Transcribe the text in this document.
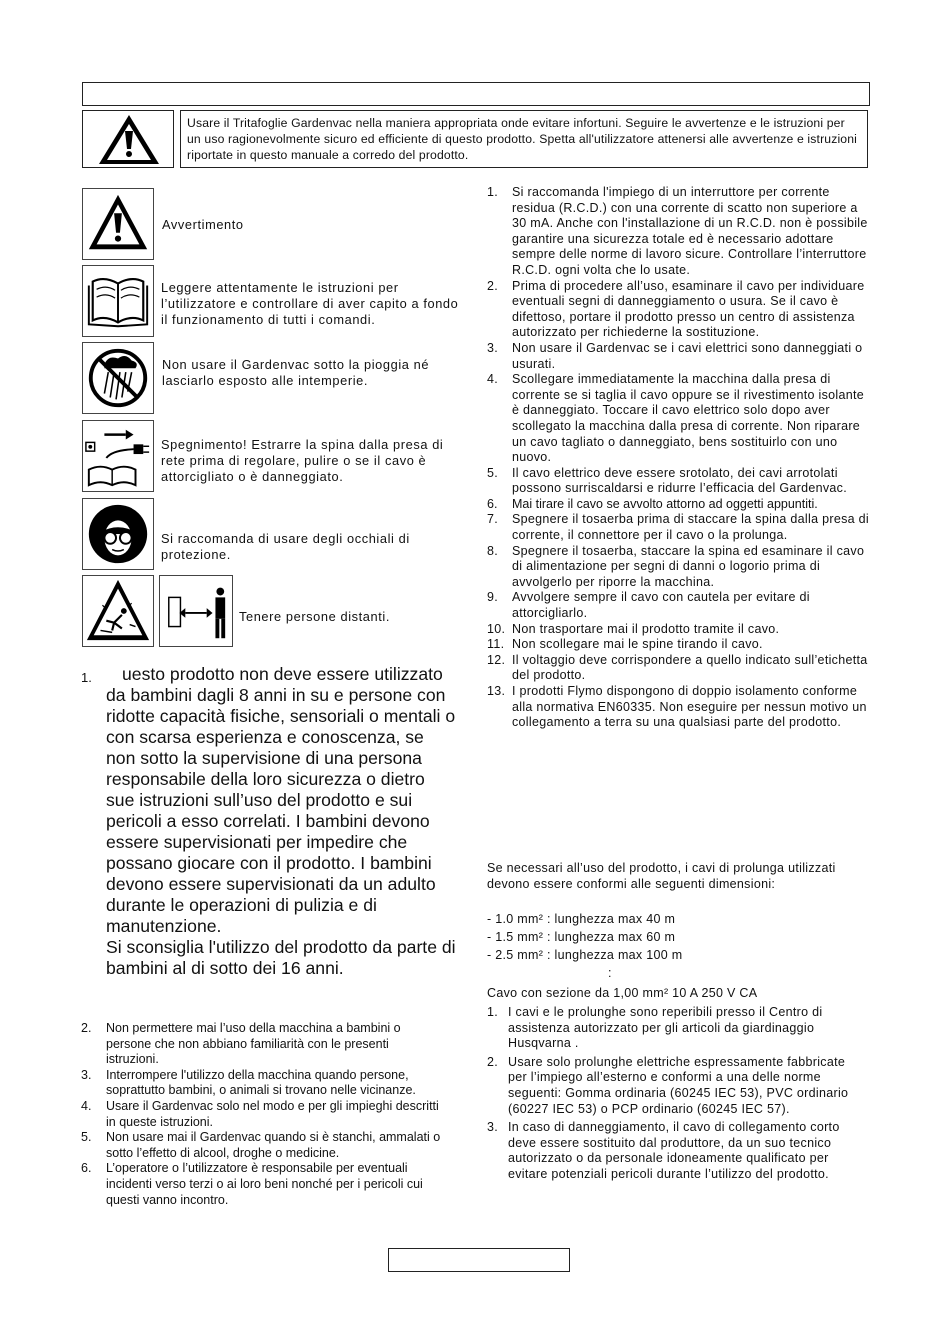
Usare il Tritafoglie Gardenvac nella maniera appropriata onde evitare infortuni. Seguire le avvertenze e le istruzioni per un uso ragionevolmente sicuro ed efficiente di questo prodotto. Spetta all'utilizzatore attenersi alle avvertenze e istruzioni riportate in questo manuale a corredo del prodotto.
Avvertimento
Leggere attentamente le istruzioni per l’utilizzatore e controllare di aver capito a fondo il funzionamento di tutti i comandi.
Non usare il Gardenvac sotto la pioggia né lasciarlo esposto alle intemperie.
Spegnimento! Estrarre la spina dalla presa di rete prima di regolare, pulire o se il cavo è attorcigliato o è danneggiato.
Si raccomanda di usare degli occhiali di protezione.
Tenere persone distanti.
1.	uesto prodotto non deve essere utilizzato da bambini dagli 8 anni in su e persone con ridotte capacità fisiche, sensoriali o mentali o con scarsa esperienza e conoscenza, se non sotto la supervisione di una persona responsabile della loro sicurezza o dietro sue istruzioni sull’uso del prodotto e sui pericoli a esso correlati. I bambini devono essere supervisionati per impedire che possano giocare con il prodotto. I bambini devono essere supervisionati da un adulto durante le operazioni di pulizia e di manutenzione.
Si sconsiglia l'utilizzo del prodotto da parte di bambini al di sotto dei 16 anni.
2. Non permettere mai l’uso della macchina a bambini o persone che non abbiano familiarità con le presenti istruzioni.
3. Interrompere l'utilizzo della macchina quando persone, soprattutto bambini, o animali si trovano nelle vicinanze.
4. Usare il Gardenvac solo nel modo e per gli impieghi descritti in queste istruzioni.
5. Non usare mai il Gardenvac quando si è stanchi, ammalati o sotto l’effetto di alcool, droghe o medicine.
6. L’operatore o l’utilizzatore è responsabile per eventuali incidenti verso terzi o ai loro beni nonché per i pericoli cui questi vanno incontro.
1. Si raccomanda l'impiego di un interruttore per corrente residua (R.C.D.) con una corrente di scatto non superiore a 30 mA. Anche con l'installazione di un R.C.D. non è possibile garantire una sicurezza totale ed è necessario adottare sempre delle norme di lavoro sicure. Controllare l’interruttore R.C.D. ogni volta che lo usate.
2. Prima di procedere all’uso, esaminare il cavo per individuare eventuali segni di danneggiamento o usura. Se il cavo è difettoso, portare il prodotto presso un centro di assistenza autorizzato per richiederne la sostituzione.
3. Non usare il Gardenvac se i cavi elettrici sono danneggiati o usurati.
4. Scollegare immediatamente la macchina dalla presa di corrente se si taglia il cavo oppure se il rivestimento isolante è danneggiato. Toccare il cavo elettrico solo dopo aver scollegato la macchina dalla presa di corrente. Non riparare un cavo tagliato o danneggiato, bens sostituirlo con uno nuovo.
5. Il cavo elettrico deve essere srotolato, dei cavi arrotolati possono surriscaldarsi e ridurre l’efficacia del Gardenvac.
6. Mai tirare il cavo se avvolto attorno ad oggetti appuntiti.
7. Spegnere il tosaerba prima di staccare la spina dalla presa di corrente, il connettore per il cavo o la prolunga.
8. Spegnere il tosaerba, staccare la spina ed esaminare il cavo di alimentazione per segni di danni o logorio prima di avvolgerlo per riporre la macchina.
9. Avvolgere sempre il cavo con cautela per evitare di attorcigliarlo.
10. Non trasportare mai il prodotto tramite il cavo.
11. Non scollegare mai le spine tirando il cavo.
12. Il voltaggio deve corrispondere a quello indicato sull’etichetta del prodotto.
13. I prodotti Flymo dispongono di doppio isolamento conforme alla normativa EN60335. Non eseguire per nessun motivo un collegamento a terra su una qualsiasi parte del prodotto.
Se necessari all’uso del prodotto, i cavi di prolunga utilizzati devono essere conformi alle seguenti dimensioni:
- 1.0 mm² : lunghezza max 40 m
- 1.5 mm² : lunghezza max 60 m
- 2.5 mm² : lunghezza max 100 m
:
Cavo con sezione da 1,00 mm² 10 A 250 V CA
1. I cavi e le prolunghe sono reperibili presso il Centro di assistenza autorizzato per gli articoli da giardinaggio Husqvarna .
2. Usare solo prolunghe elettriche espressamente fabbricate per l’impiego all’esterno e conformi a una delle norme seguenti: Gomma ordinaria (60245 IEC 53), PVC ordinario (60227 IEC 53) o PCP ordinario (60245 IEC 57).
3. In caso di danneggiamento, il cavo di collegamento corto deve essere sostituito dal produttore, da un suo tecnico autorizzato o da personale idoneamente qualificato per evitare potenziali pericoli durante l’utilizzo del prodotto.
